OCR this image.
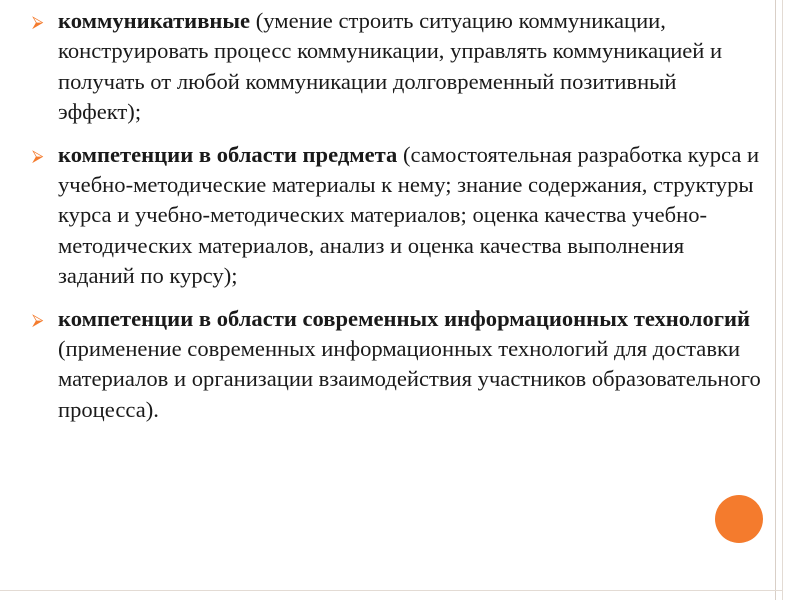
⮚ коммуникативные (умение строить ситуацию коммуникации, конструировать процесс коммуникации, управлять коммуникацией и получать от любой коммуникации долговременный позитивный эффект);
⮚ компетенции в области предмета (самостоятельная разработка курса и учебно-методические материалы к нему; знание содержания, структуры курса и учебно-методических материалов; оценка качества учебно-методических материалов, анализ и оценка качества выполнения заданий по курсу);
⮚ компетенции в области современных информационных технологий (применение современных информационных технологий для доставки материалов и организации взаимодействия участников образовательного процесса).
